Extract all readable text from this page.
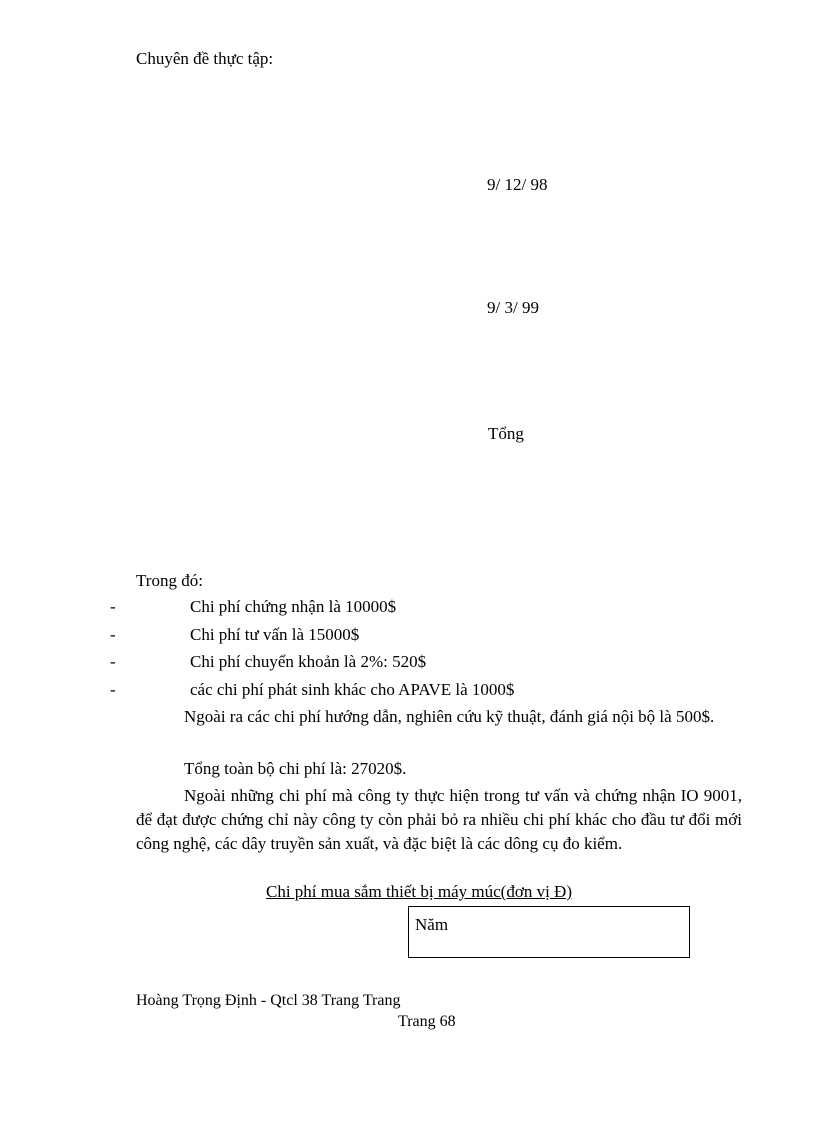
Chuyên đề thực tập:
9/ 12/ 98
9/ 3/ 99
Tổng
Trong đó:
-	Chi phí chứng nhận là 10000$
-	Chi phí tư vấn là 15000$
-	Chi phí chuyển khoản là 2%: 520$
-	các chi phí phát sinh khác cho APAVE là 1000$
Ngoài ra các chi phí hướng dẫn, nghiên cứu kỹ thuật, đánh giá nội bộ là 500$.
Tổng toàn bộ chi phí là: 27020$.
Ngoài những chi phí mà công ty thực hiện trong tư vấn và chứng nhận IO 9001, để đạt được chứng chỉ này công ty còn phải bỏ ra nhiều chi phí khác cho đầu tư đổi mới công nghệ, các dây truyền sản xuất, và đặc biệt là các dông cụ đo kiểm.
Chi phí mua sắm thiết bị máy múc(đơn vị Đ)
Năm
Hoàng Trọng Định - Qtcl 38 Trang Trang
Trang 68
